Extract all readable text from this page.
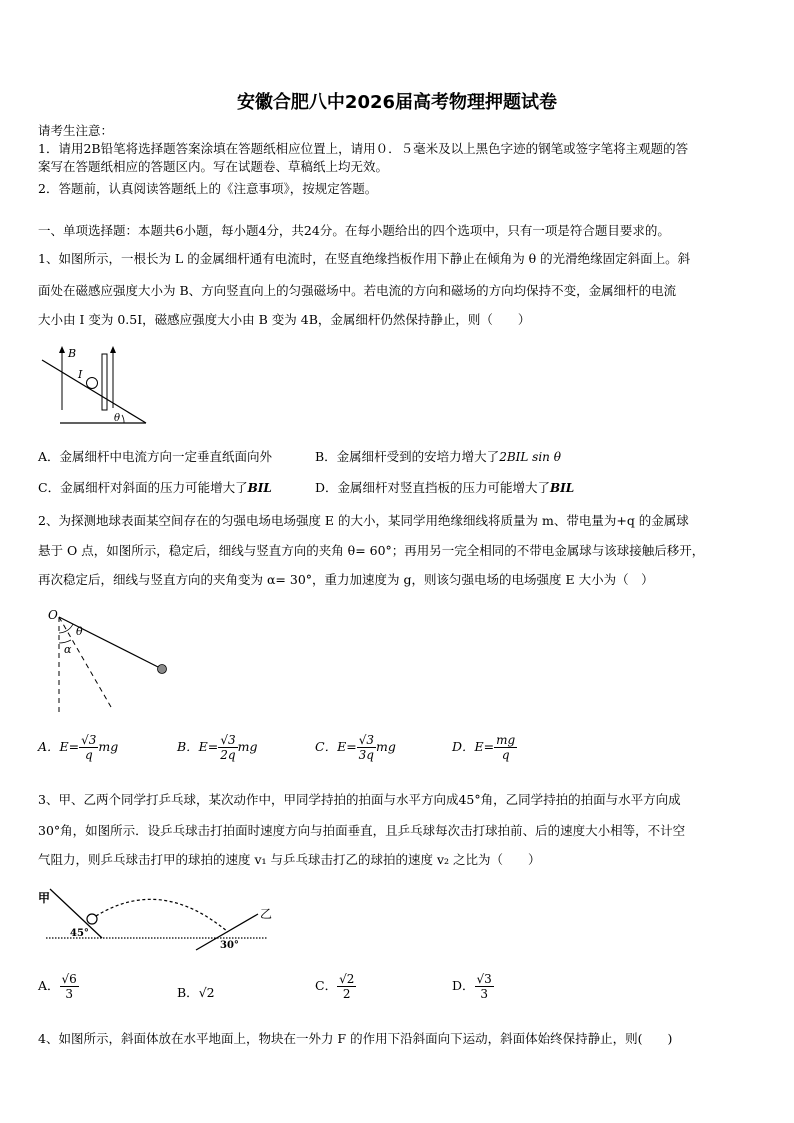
安徽合肥八中2026届高考物理押题试卷
请考生注意：
1．请用2B铅笔将选择题答案涂填在答题纸相应位置上，请用０．５毫米及以上黑色字迹的钢笔或签字笔将主观题的答
案写在答题纸相应的答题区内。写在试题卷、草稿纸上均无效。
2．答题前，认真阅读答题纸上的《注意事项》，按规定答题。
一、单项选择题：本题共6小题，每小题4分，共24分。在每小题给出的四个选项中，只有一项是符合题目要求的。
1、如图所示，一根长为 L 的金属细杆通有电流时，在竖直绝缘挡板作用下静止在倾角为 θ 的光滑绝缘固定斜面上。斜
面处在磁感应强度大小为 B、方向竖直向上的匀强磁场中。若电流的方向和磁场的方向均保持不变，金属细杆的电流
大小由 I 变为 0.5I，磁感应强度大小由 B 变为 4B，金属细杆仍然保持静止，则（　　）
B
I
θ
A．金属细杆中电流方向一定垂直纸面向外	B．金属细杆受到的安培力增大了2BIL sin θ
C．金属细杆对斜面的压力可能增大了BIL	D．金属细杆对竖直挡板的压力可能增大了BIL
2、为探测地球表面某空间存在的匀强电场电场强度 E 的大小，某同学用绝缘细线将质量为 m、带电量为+q 的金属球
悬于 O 点，如图所示，稳定后，细线与竖直方向的夹角 θ= 60°；再用另一完全相同的不带电金属球与该球接触后移开，
再次稳定后，细线与竖直方向的夹角变为 α= 30°，重力加速度为 g，则该匀强电场的电场强度 E 大小为（　）
O
θ
α
A．$E= \frac{√3}{q}$ mg	B．$E= \frac{√3}{2q}$ mg	C．$E= \frac{√3}{3q}$ mg	D．$E= \frac{mg}{q}$
3、甲、乙两个同学打乒乓球，某次动作中，甲同学持拍的拍面与水平方向成45°角，乙同学持拍的拍面与水平方向成
30°角，如图所示．设乒乓球击打拍面时速度方向与拍面垂直，且乒乓球每次击打球拍前、后的速度大小相等，不计空
气阻力，则乒乓球击打甲的球拍的速度 v₁ 与乒乓球击打乙的球拍的速度 v₂ 之比为（　　）
甲
乙
45°
30°
A． $\frac{√6}{3}$	B．√2	C． $\frac{√2}{2}$	D． $\frac{√3}{3}$
4、如图所示，斜面体放在水平地面上，物块在一外力 F 的作用下沿斜面向下运动，斜面体始终保持静止，则(　　)
